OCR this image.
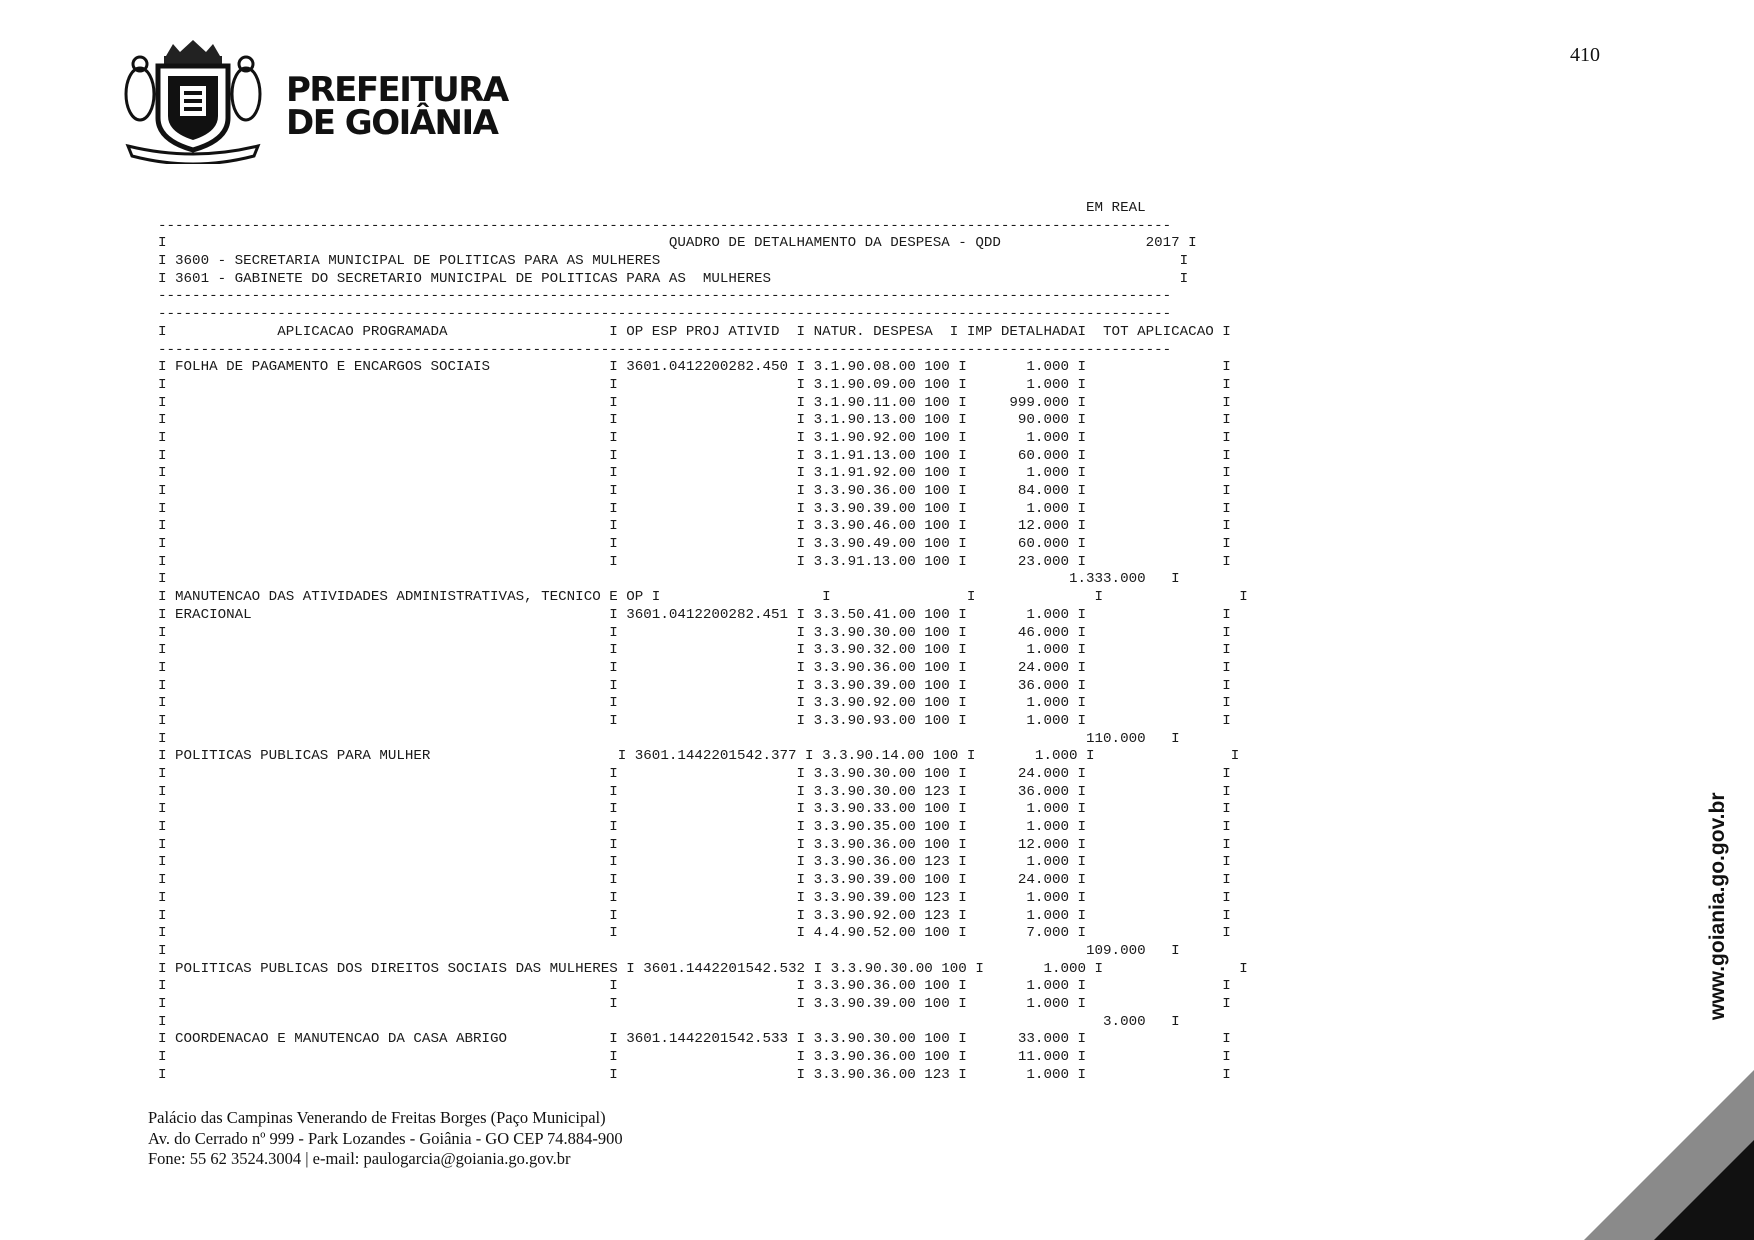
410
PREFEITURA
DE GOIÂNIA
EM REAL
-----------------------------------------------------------------------------------------------------------------------
I                                                           QUADRO DE DETALHAMENTO DA DESPESA - QDD                 2017 I
I 3600 - SECRETARIA MUNICIPAL DE POLITICAS PARA AS MULHERES                                                             I
I 3601 - GABINETE DO SECRETARIO MUNICIPAL DE POLITICAS PARA AS  MULHERES                                                I
-----------------------------------------------------------------------------------------------------------------------
-----------------------------------------------------------------------------------------------------------------------
I             APLICACAO PROGRAMADA                   I OP ESP PROJ ATIVID  I NATUR. DESPESA  I IMP DETALHADAI  TOT APLICACAO I
-----------------------------------------------------------------------------------------------------------------------
I FOLHA DE PAGAMENTO E ENCARGOS SOCIAIS              I 3601.0412200282.450 I 3.1.90.08.00 100 I       1.000 I                I
I                                                    I                     I 3.1.90.09.00 100 I       1.000 I                I
I                                                    I                     I 3.1.90.11.00 100 I     999.000 I                I
I                                                    I                     I 3.1.90.13.00 100 I      90.000 I                I
I                                                    I                     I 3.1.90.92.00 100 I       1.000 I                I
I                                                    I                     I 3.1.91.13.00 100 I      60.000 I                I
I                                                    I                     I 3.1.91.92.00 100 I       1.000 I                I
I                                                    I                     I 3.3.90.36.00 100 I      84.000 I                I
I                                                    I                     I 3.3.90.39.00 100 I       1.000 I                I
I                                                    I                     I 3.3.90.46.00 100 I      12.000 I                I
I                                                    I                     I 3.3.90.49.00 100 I      60.000 I                I
I                                                    I                     I 3.3.91.13.00 100 I      23.000 I                I
I                                                                                                          1.333.000   I
I MANUTENCAO DAS ATIVIDADES ADMINISTRATIVAS, TECNICO E OP I                   I                I              I                I
I ERACIONAL                                          I 3601.0412200282.451 I 3.3.50.41.00 100 I       1.000 I                I
I                                                    I                     I 3.3.90.30.00 100 I      46.000 I                I
I                                                    I                     I 3.3.90.32.00 100 I       1.000 I                I
I                                                    I                     I 3.3.90.36.00 100 I      24.000 I                I
I                                                    I                     I 3.3.90.39.00 100 I      36.000 I                I
I                                                    I                     I 3.3.90.92.00 100 I       1.000 I                I
I                                                    I                     I 3.3.90.93.00 100 I       1.000 I                I
I                                                                                                            110.000   I
I POLITICAS PUBLICAS PARA MULHER                      I 3601.1442201542.377 I 3.3.90.14.00 100 I       1.000 I                I
I                                                    I                     I 3.3.90.30.00 100 I      24.000 I                I
I                                                    I                     I 3.3.90.30.00 123 I      36.000 I                I
I                                                    I                     I 3.3.90.33.00 100 I       1.000 I                I
I                                                    I                     I 3.3.90.35.00 100 I       1.000 I                I
I                                                    I                     I 3.3.90.36.00 100 I      12.000 I                I
I                                                    I                     I 3.3.90.36.00 123 I       1.000 I                I
I                                                    I                     I 3.3.90.39.00 100 I      24.000 I                I
I                                                    I                     I 3.3.90.39.00 123 I       1.000 I                I
I                                                    I                     I 3.3.90.92.00 123 I       1.000 I                I
I                                                    I                     I 4.4.90.52.00 100 I       7.000 I                I
I                                                                                                            109.000   I
I POLITICAS PUBLICAS DOS DIREITOS SOCIAIS DAS MULHERES I 3601.1442201542.532 I 3.3.90.30.00 100 I       1.000 I                I
I                                                    I                     I 3.3.90.36.00 100 I       1.000 I                I
I                                                    I                     I 3.3.90.39.00 100 I       1.000 I                I
I                                                                                                              3.000   I
I COORDENACAO E MANUTENCAO DA CASA ABRIGO            I 3601.1442201542.533 I 3.3.90.30.00 100 I      33.000 I                I
I                                                    I                     I 3.3.90.36.00 100 I      11.000 I                I
I                                                    I                     I 3.3.90.36.00 123 I       1.000 I                I
Palácio das Campinas Venerando de Freitas Borges (Paço Municipal)
Av. do Cerrado nº 999 - Park Lozandes - Goiânia - GO CEP 74.884-900
Fone: 55 62 3524.3004 | e-mail: paulogarcia@goiania.go.gov.br
www.goiania.go.gov.br
